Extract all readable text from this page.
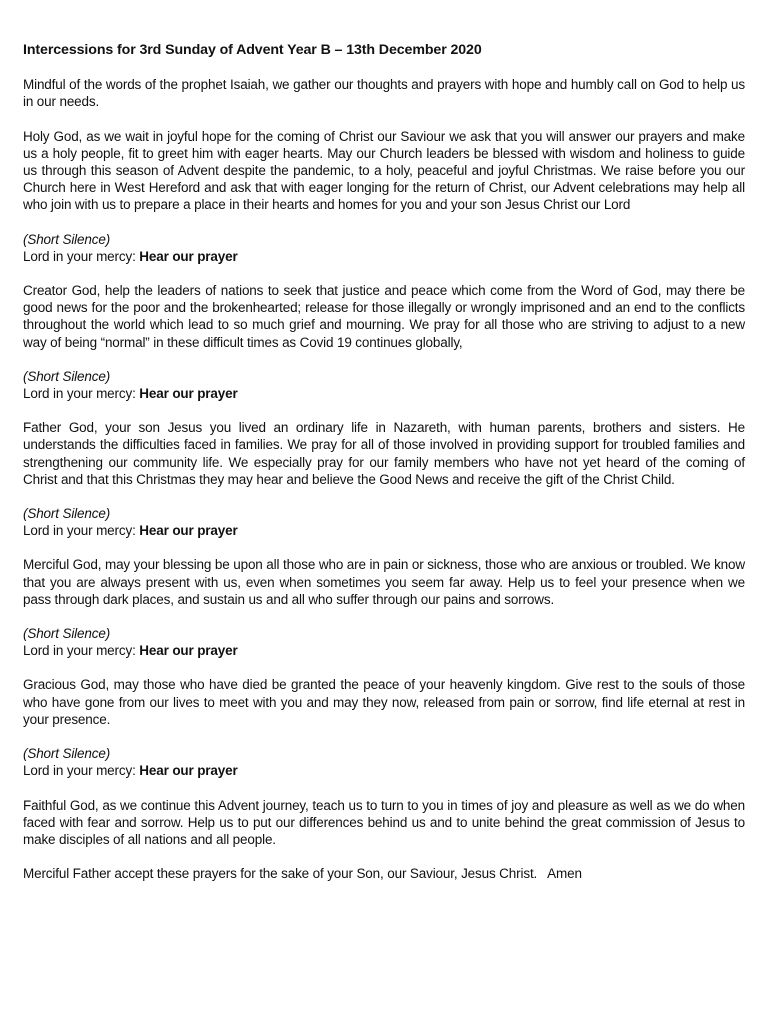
Intercessions for 3rd Sunday of Advent Year B – 13th December 2020
Mindful of the words of the prophet Isaiah, we gather our thoughts and prayers with hope and humbly call on God to help us in our needs.
Holy God, as we wait in joyful hope for the coming of Christ our Saviour we ask that you will answer our prayers and make us a holy people, fit to greet him with eager hearts. May our Church leaders be blessed with wisdom and holiness to guide us through this season of Advent despite the pandemic, to a holy, peaceful and joyful Christmas. We raise before you our Church here in West Hereford and ask that with eager longing for the return of Christ, our Advent celebrations may help all who join with us to prepare a place in their hearts and homes for you and your son Jesus Christ our Lord
(Short Silence)
Lord in your mercy: Hear our prayer
Creator God, help the leaders of nations to seek that justice and peace which come from the Word of God, may there be good news for the poor and the brokenhearted; release for those illegally or wrongly imprisoned and an end to the conflicts throughout the world which lead to so much grief and mourning. We pray for all those who are striving to adjust to a new way of being “normal” in these difficult times as Covid 19 continues globally,
(Short Silence)
Lord in your mercy: Hear our prayer
Father God, your son Jesus you lived an ordinary life in Nazareth, with human parents, brothers and sisters. He understands the difficulties faced in families. We pray for all of those involved in providing support for troubled families and strengthening our community life. We especially pray for our family members who have not yet heard of the coming of Christ and that this Christmas they may hear and believe the Good News and receive the gift of the Christ Child.
(Short Silence)
Lord in your mercy: Hear our prayer
Merciful God, may your blessing be upon all those who are in pain or sickness, those who are anxious or troubled. We know that you are always present with us, even when sometimes you seem far away. Help us to feel your presence when we pass through dark places, and sustain us and all who suffer through our pains and sorrows.
(Short Silence)
Lord in your mercy: Hear our prayer
Gracious God, may those who have died be granted the peace of your heavenly kingdom. Give rest to the souls of those who have gone from our lives to meet with you and may they now, released from pain or sorrow, find life eternal at rest in your presence.
(Short Silence)
Lord in your mercy: Hear our prayer
Faithful God, as we continue this Advent journey, teach us to turn to you in times of joy and pleasure as well as we do when faced with fear and sorrow. Help us to put our differences behind us and to unite behind the great commission of Jesus to make disciples of all nations and all people.
Merciful Father accept these prayers for the sake of your Son, our Saviour, Jesus Christ. Amen
